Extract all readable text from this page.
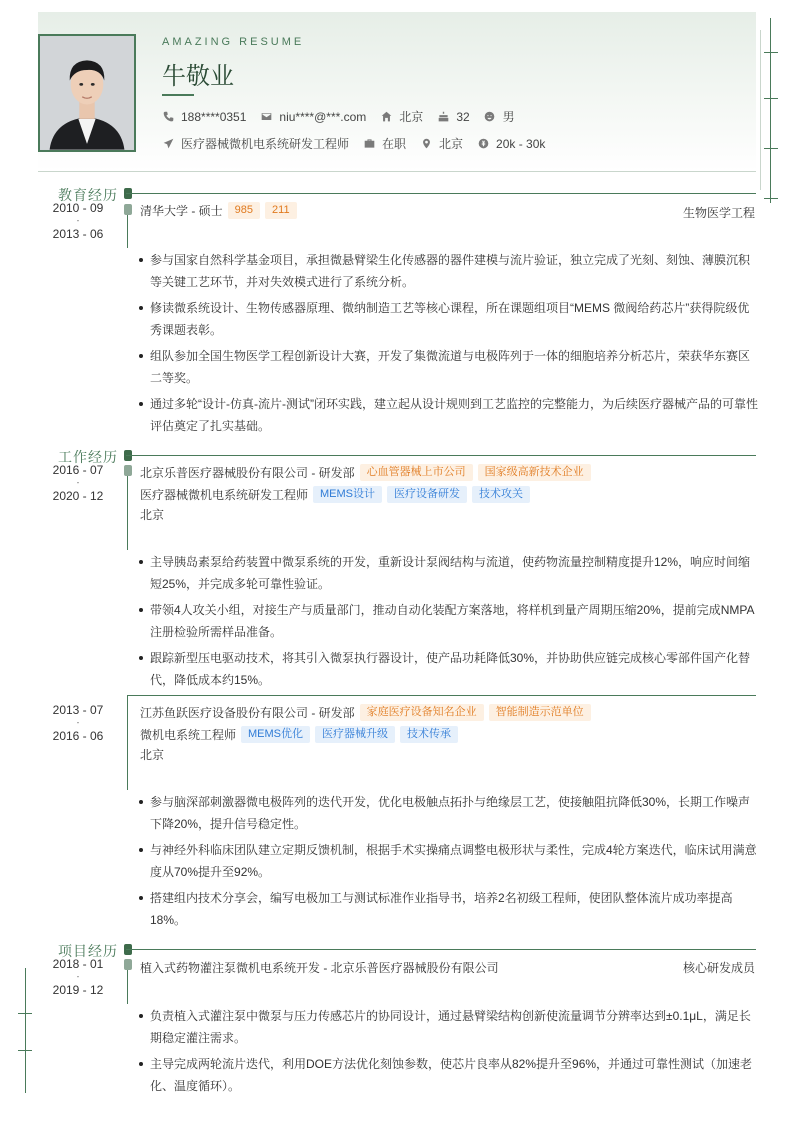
AMAZING RESUME
牛敬业
188****0351	niu****@***.com	北京	32	男
医疗器械微机电系统研发工程师	在职	北京	20k - 30k
教育经历
2010 - 09
-
2013 - 06
清华大学 - 硕士	985	211	生物医学工程
参与国家自然科学基金项目，承担微悬臂梁生化传感器的器件建模与流片验证，独立完成了光刻、刻蚀、薄膜沉积等关键工艺环节，并对失效模式进行了系统分析。
修读微系统设计、生物传感器原理、微纳制造工艺等核心课程，所在课题组项目“MEMS 微阀给药芯片”获得院级优秀课题表彰。
组队参加全国生物医学工程创新设计大赛，开发了集微流道与电极阵列于一体的细胞培养分析芯片，荣获华东赛区二等奖。
通过多轮“设计-仿真-流片-测试”闭环实践，建立起从设计规则到工艺监控的完整能力，为后续医疗器械产品的可靠性评估奠定了扎实基础。
工作经历
2016 - 07
-
2020 - 12
北京乐普医疗器械股份有限公司 - 研发部	心血管器械上市公司	国家级高新技术企业
医疗器械微机电系统研发工程师	MEMS设计	医疗设备研发	技术攻关
北京
主导胰岛素泵给药装置中微泵系统的开发，重新设计泵阀结构与流道，使药物流量控制精度提升12%，响应时间缩短25%，并完成多轮可靠性验证。
带领4人攻关小组，对接生产与质量部门，推动自动化装配方案落地，将样机到量产周期压缩20%，提前完成NMPA注册检验所需样品准备。
跟踪新型压电驱动技术，将其引入微泵执行器设计，使产品功耗降低30%，并协助供应链完成核心零部件国产化替代，降低成本约15%。
2013 - 07
-
2016 - 06
江苏鱼跃医疗设备股份有限公司 - 研发部	家庭医疗设备知名企业	智能制造示范单位
微机电系统工程师	MEMS优化	医疗器械升级	技术传承
北京
参与脑深部刺激器微电极阵列的迭代开发，优化电极触点拓扑与绝缘层工艺，使接触阻抗降低30%，长期工作噪声下降20%，提升信号稳定性。
与神经外科临床团队建立定期反馈机制，根据手术实操痛点调整电极形状与柔性，完成4轮方案迭代，临床试用满意度从70%提升至92%。
搭建组内技术分享会，编写电极加工与测试标准作业指导书，培养2名初级工程师，使团队整体流片成功率提高18%。
项目经历
2018 - 01
-
2019 - 12
植入式药物灌注泵微机电系统开发 - 北京乐普医疗器械股份有限公司	核心研发成员
负责植入式灌注泵中微泵与压力传感芯片的协同设计，通过悬臂梁结构创新使流量调节分辨率达到±0.1μL，满足长期稳定灌注需求。
主导完成两轮流片迭代，利用DOE方法优化刻蚀参数，使芯片良率从82%提升至96%，并通过可靠性测试（加速老化、温度循环）。
